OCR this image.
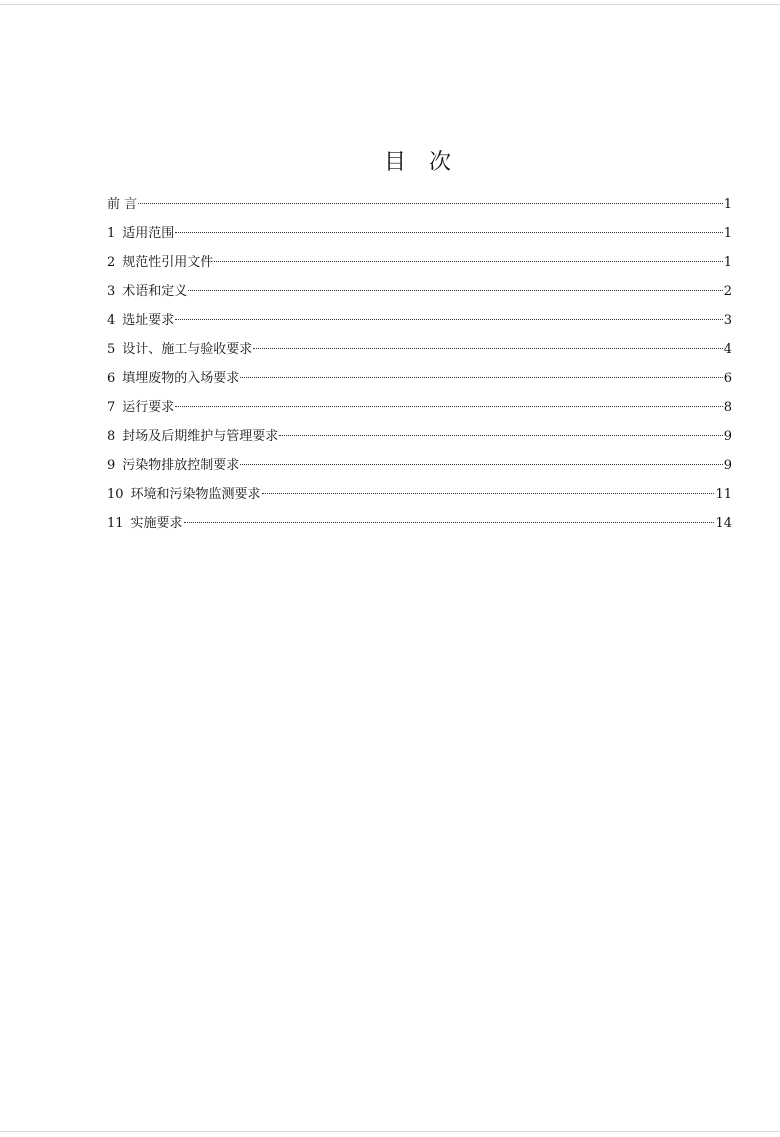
目 次
前 言	1
1 适用范围	1
2 规范性引用文件	1
3 术语和定义	2
4 选址要求	3
5 设计、施工与验收要求	4
6 填埋废物的入场要求	6
7 运行要求	8
8 封场及后期维护与管理要求	9
9 污染物排放控制要求	9
10 环境和污染物监测要求	11
11 实施要求	14
